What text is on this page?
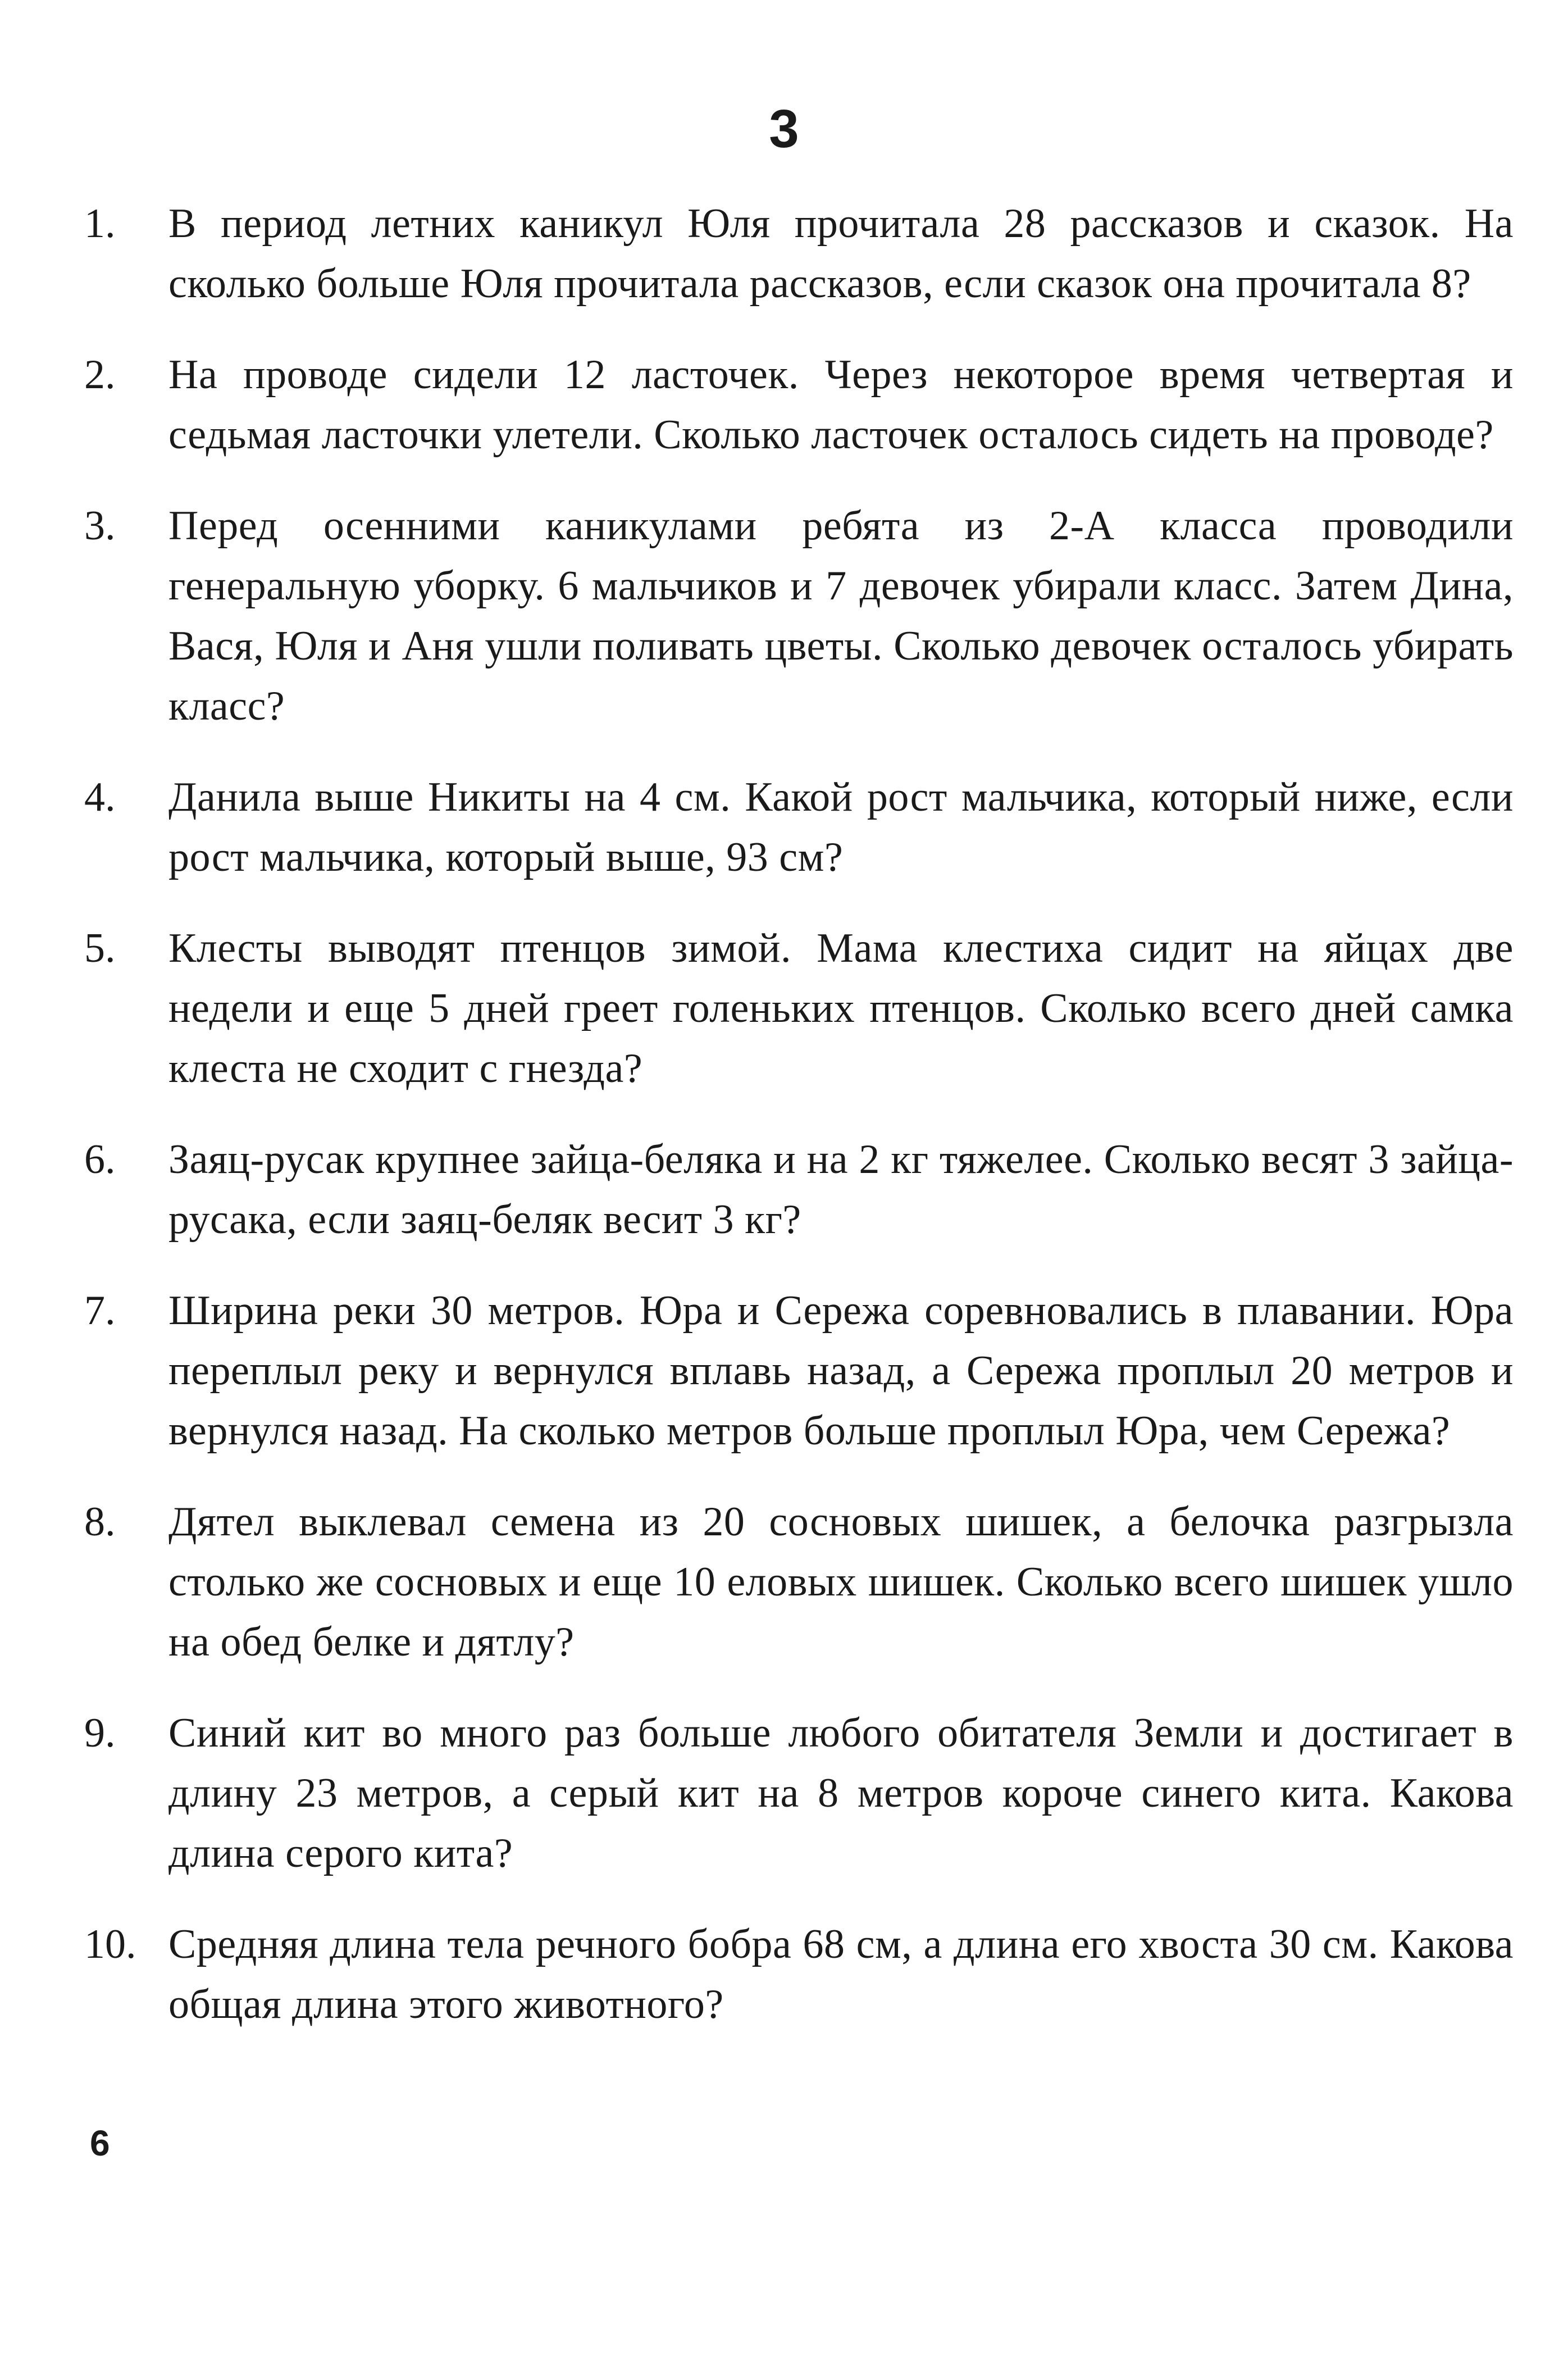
3
1.	В период летних каникул Юля прочитала 28 рассказов и сказок. На сколько больше Юля прочитала рассказов, если сказок она прочитала 8?
2.	На проводе сидели 12 ласточек. Через некоторое время четвертая и седьмая ласточки улетели. Сколько ласточек осталось сидеть на проводе?
3.	Перед осенними каникулами ребята из 2-А класса проводили генеральную уборку. 6 мальчиков и 7 девочек убирали класс. Затем Дина, Вася, Юля и Аня ушли поливать цветы. Сколько девочек осталось убирать класс?
4.	Данила выше Никиты на 4 см. Какой рост мальчика, который ниже, если рост мальчика, который выше, 93 см?
5.	Клесты выводят птенцов зимой. Мама клестиха сидит на яйцах две недели и еще 5 дней греет голеньких птенцов. Сколько всего дней самка клеста не сходит с гнезда?
6.	Заяц-русак крупнее зайца-беляка и на 2 кг тяжелее. Сколько весят 3 зайца-русака, если заяц-беляк весит 3 кг?
7.	Ширина реки 30 метров. Юра и Сережа соревновались в плавании. Юра переплыл реку и вернулся вплавь назад, а Сережа проплыл 20 метров и вернулся назад. На сколько метров больше проплыл Юра, чем Сережа?
8.	Дятел выклевал семена из 20 сосновых шишек, а белочка разгрызла столько же сосновых и еще 10 еловых шишек. Сколько всего шишек ушло на обед белке и дятлу?
9.	Синий кит во много раз больше любого обитателя Земли и достигает в длину 23 метров, а серый кит на 8 метров короче синего кита. Какова длина серого кита?
10. Средняя длина тела речного бобра 68 см, а длина его хвоста 30 см. Какова общая длина этого животного?
6
